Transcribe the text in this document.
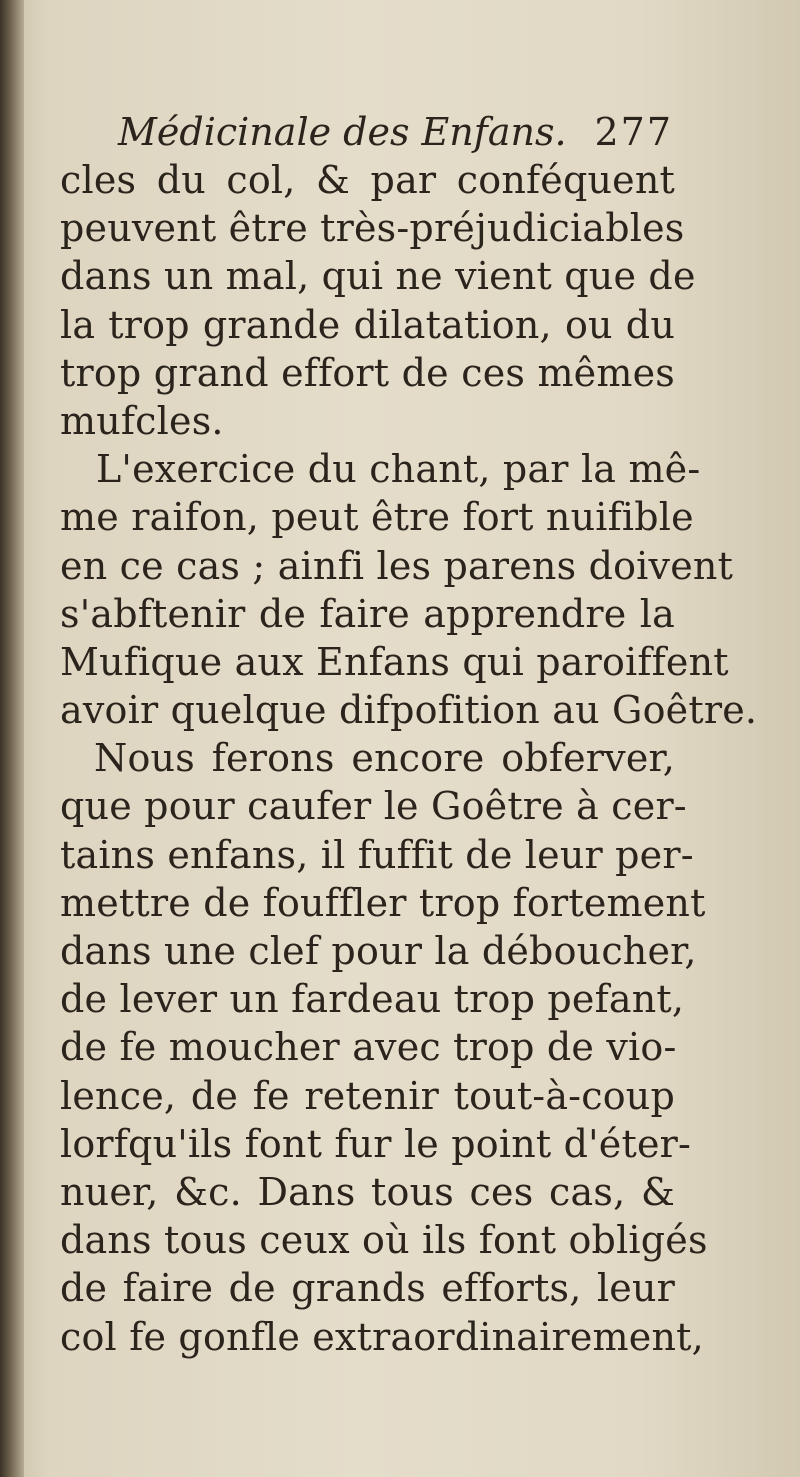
Médicinale des Enfans. 277
cles du col, & par conféquent
peuvent être très-préjudiciables
dans un mal, qui ne vient que de
la trop grande dilatation, ou du
trop grand effort de ces mêmes
mufcles.
L'exercice du chant, par la mê-
me raifon, peut être fort nuifible
en ce cas ; ainfi les parens doivent
s'abftenir de faire apprendre la
Mufique aux Enfans qui paroiffent
avoir quelque difpofition au Goêtre.
Nous ferons encore obferver,
que pour caufer le Goêtre à cer-
tains enfans, il fuffit de leur per-
mettre de fouffler trop fortement
dans une clef pour la déboucher,
de lever un fardeau trop pefant,
de fe moucher avec trop de vio-
lence, de fe retenir tout-à-coup
lorfqu'ils font fur le point d'éter-
nuer, &c. Dans tous ces cas, &
dans tous ceux où ils font obligés
de faire de grands efforts, leur
col fe gonfle extraordinairement,
